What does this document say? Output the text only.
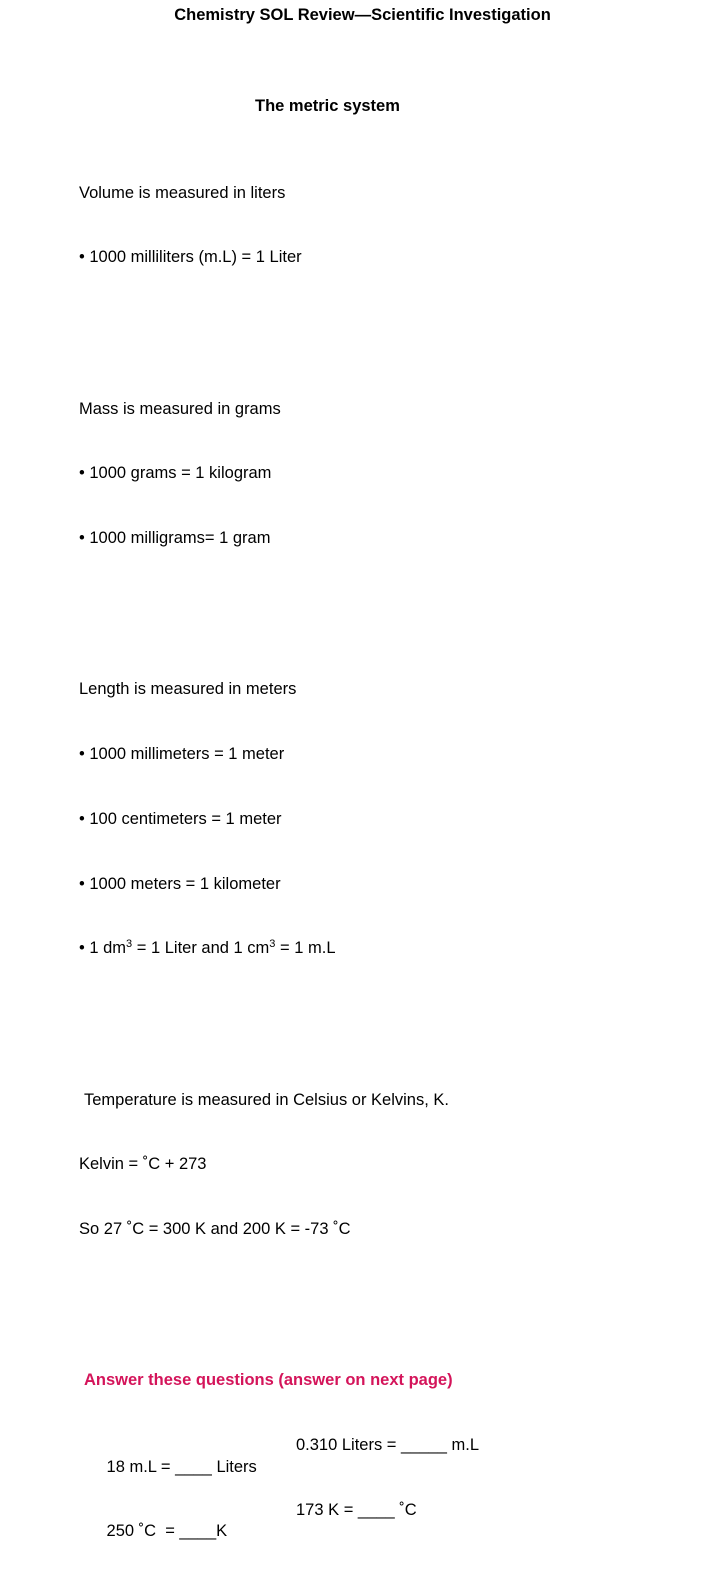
Chemistry SOL Review—Scientific Investigation

The metric system

Volume is measured in liters

• 1000 milliliters (m.L) = 1 Liter

Mass is measured in grams

• 1000 grams = 1 kilogram

• 1000 milligrams= 1 gram

Length is measured in meters

• 1000 millimeters = 1 meter

• 100 centimeters = 1 meter

• 1000 meters = 1 kilometer

• 1 $dm^3 = 1$ Liter and 1 $cm^3 = 1$ m.L

Temperature is measured in Celsius or Kelvins, K.

Kelvin = ˚C + 273

So 27 ˚C = 300 K and 200 K = -73 ˚C

Answer these questions (answer on next page)

18 m.L = ____ Liters

0.310 Liters = _____ m.L

250 ˚C  = ____K

173 K = ____ ˚C
